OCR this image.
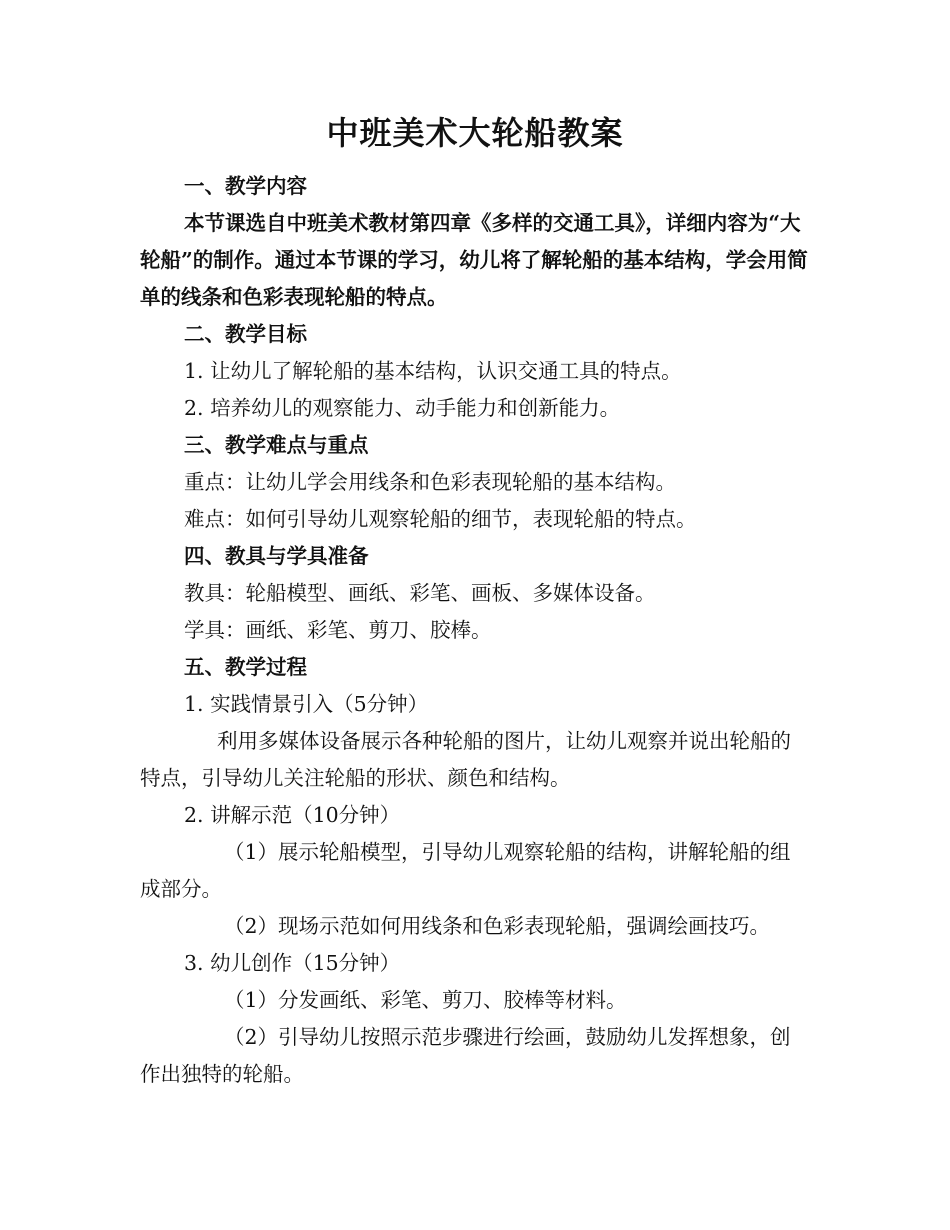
中班美术大轮船教案
一、教学内容
本节课选自中班美术教材第四章《多样的交通工具》，详细内容为“大轮船”的制作。通过本节课的学习，幼儿将了解轮船的基本结构，学会用简单的线条和色彩表现轮船的特点。
二、教学目标
1. 让幼儿了解轮船的基本结构，认识交通工具的特点。
2. 培养幼儿的观察能力、动手能力和创新能力。
三、教学难点与重点
重点：让幼儿学会用线条和色彩表现轮船的基本结构。
难点：如何引导幼儿观察轮船的细节，表现轮船的特点。
四、教具与学具准备
教具：轮船模型、画纸、彩笔、画板、多媒体设备。
学具：画纸、彩笔、剪刀、胶棒。
五、教学过程
1. 实践情景引入（5分钟）
利用多媒体设备展示各种轮船的图片，让幼儿观察并说出轮船的特点，引导幼儿关注轮船的形状、颜色和结构。
2. 讲解示范（10分钟）
（1）展示轮船模型，引导幼儿观察轮船的结构，讲解轮船的组成部分。
（2）现场示范如何用线条和色彩表现轮船，强调绘画技巧。
3. 幼儿创作（15分钟）
（1）分发画纸、彩笔、剪刀、胶棒等材料。
（2）引导幼儿按照示范步骤进行绘画，鼓励幼儿发挥想象，创作出独特的轮船。
